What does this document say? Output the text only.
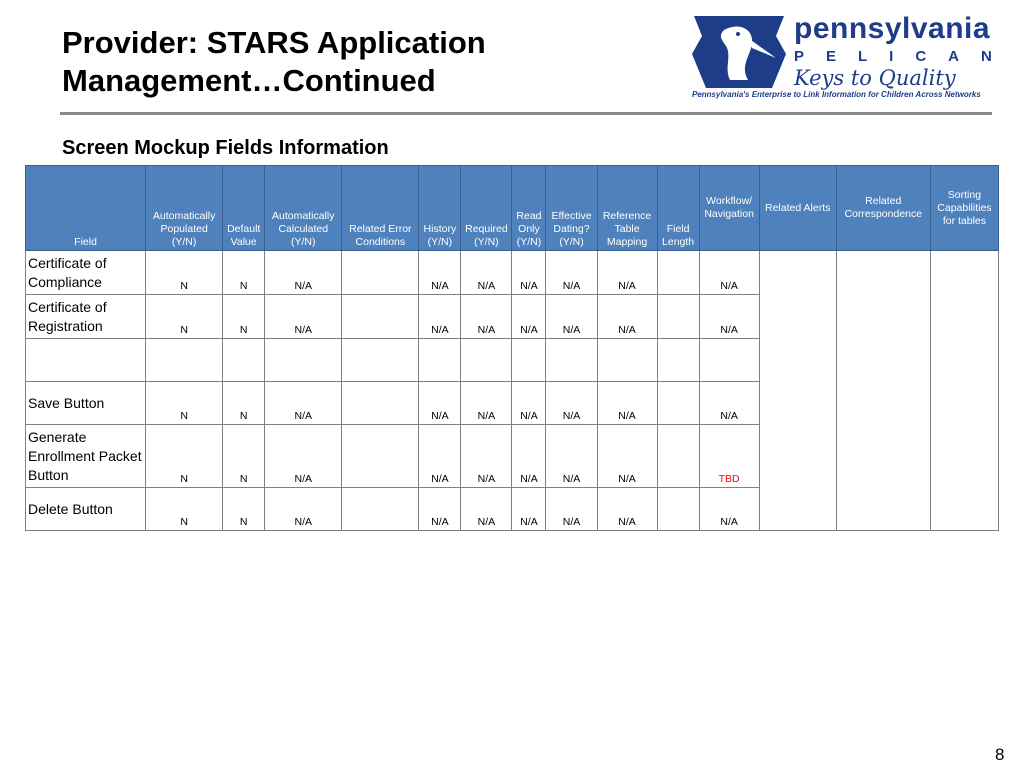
Provider: STARS Application
Management…Continued
pennsylvania
PELICAN
Keys to Quality
Pennsylvania's Enterprise to Link Information for Children Across Networks
Screen Mockup Fields Information
Field	Automatically Populated (Y/N)	Default Value	Automatically Calculated (Y/N)	Related Error Conditions	History (Y/N)	Required (Y/N)	Read Only (Y/N)	Effective Dating? (Y/N)	Reference Table Mapping	Field Length	Workflow/ Navigation	Related Alerts	Related Correspondence	Sorting Capabilities for tables
Certificate of Compliance	N	N	N/A		N/A	N/A	N/A	N/A	N/A		N/A			
Certificate of Registration	N	N	N/A		N/A	N/A	N/A	N/A	N/A		N/A			

Save Button	N	N	N/A		N/A	N/A	N/A	N/A	N/A		N/A			
Generate Enrollment Packet Button	N	N	N/A		N/A	N/A	N/A	N/A	N/A		TBD			
Delete Button	N	N	N/A		N/A	N/A	N/A	N/A	N/A		N/A			
8
